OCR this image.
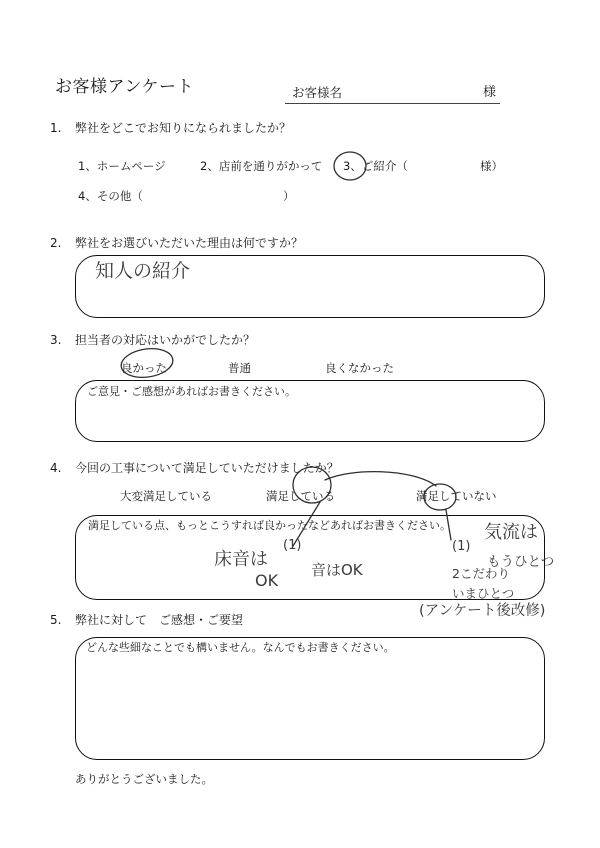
お客様アンケート	お客様名	様
1. 弊社をどこでお知りになられましたか？
1、ホームページ	2、店前を通りがかって 3、ご紹介（	様）
4、その他（	）
2. 弊社をお選びいただいた理由は何ですか？
知人の紹介
3. 担当者の対応はいかがでしたか？
良かった	普通	良くなかった
ご意見・ご感想があればお書きください。
4. 今回の工事について満足していただけましたか？
大変満足している	満足している	満足していない
満足している点、もっとこうすれば良かったなどあればお書きください。
床音は
OK
(1)
音はOK
(1)
気流は
もうひとつ
2こだわり
いまひとつ
(アンケート後改修)
5. 弊社に対して　ご感想・ご要望
どんな些細なことでも構いません。なんでもお書きください。
ありがとうございました。
